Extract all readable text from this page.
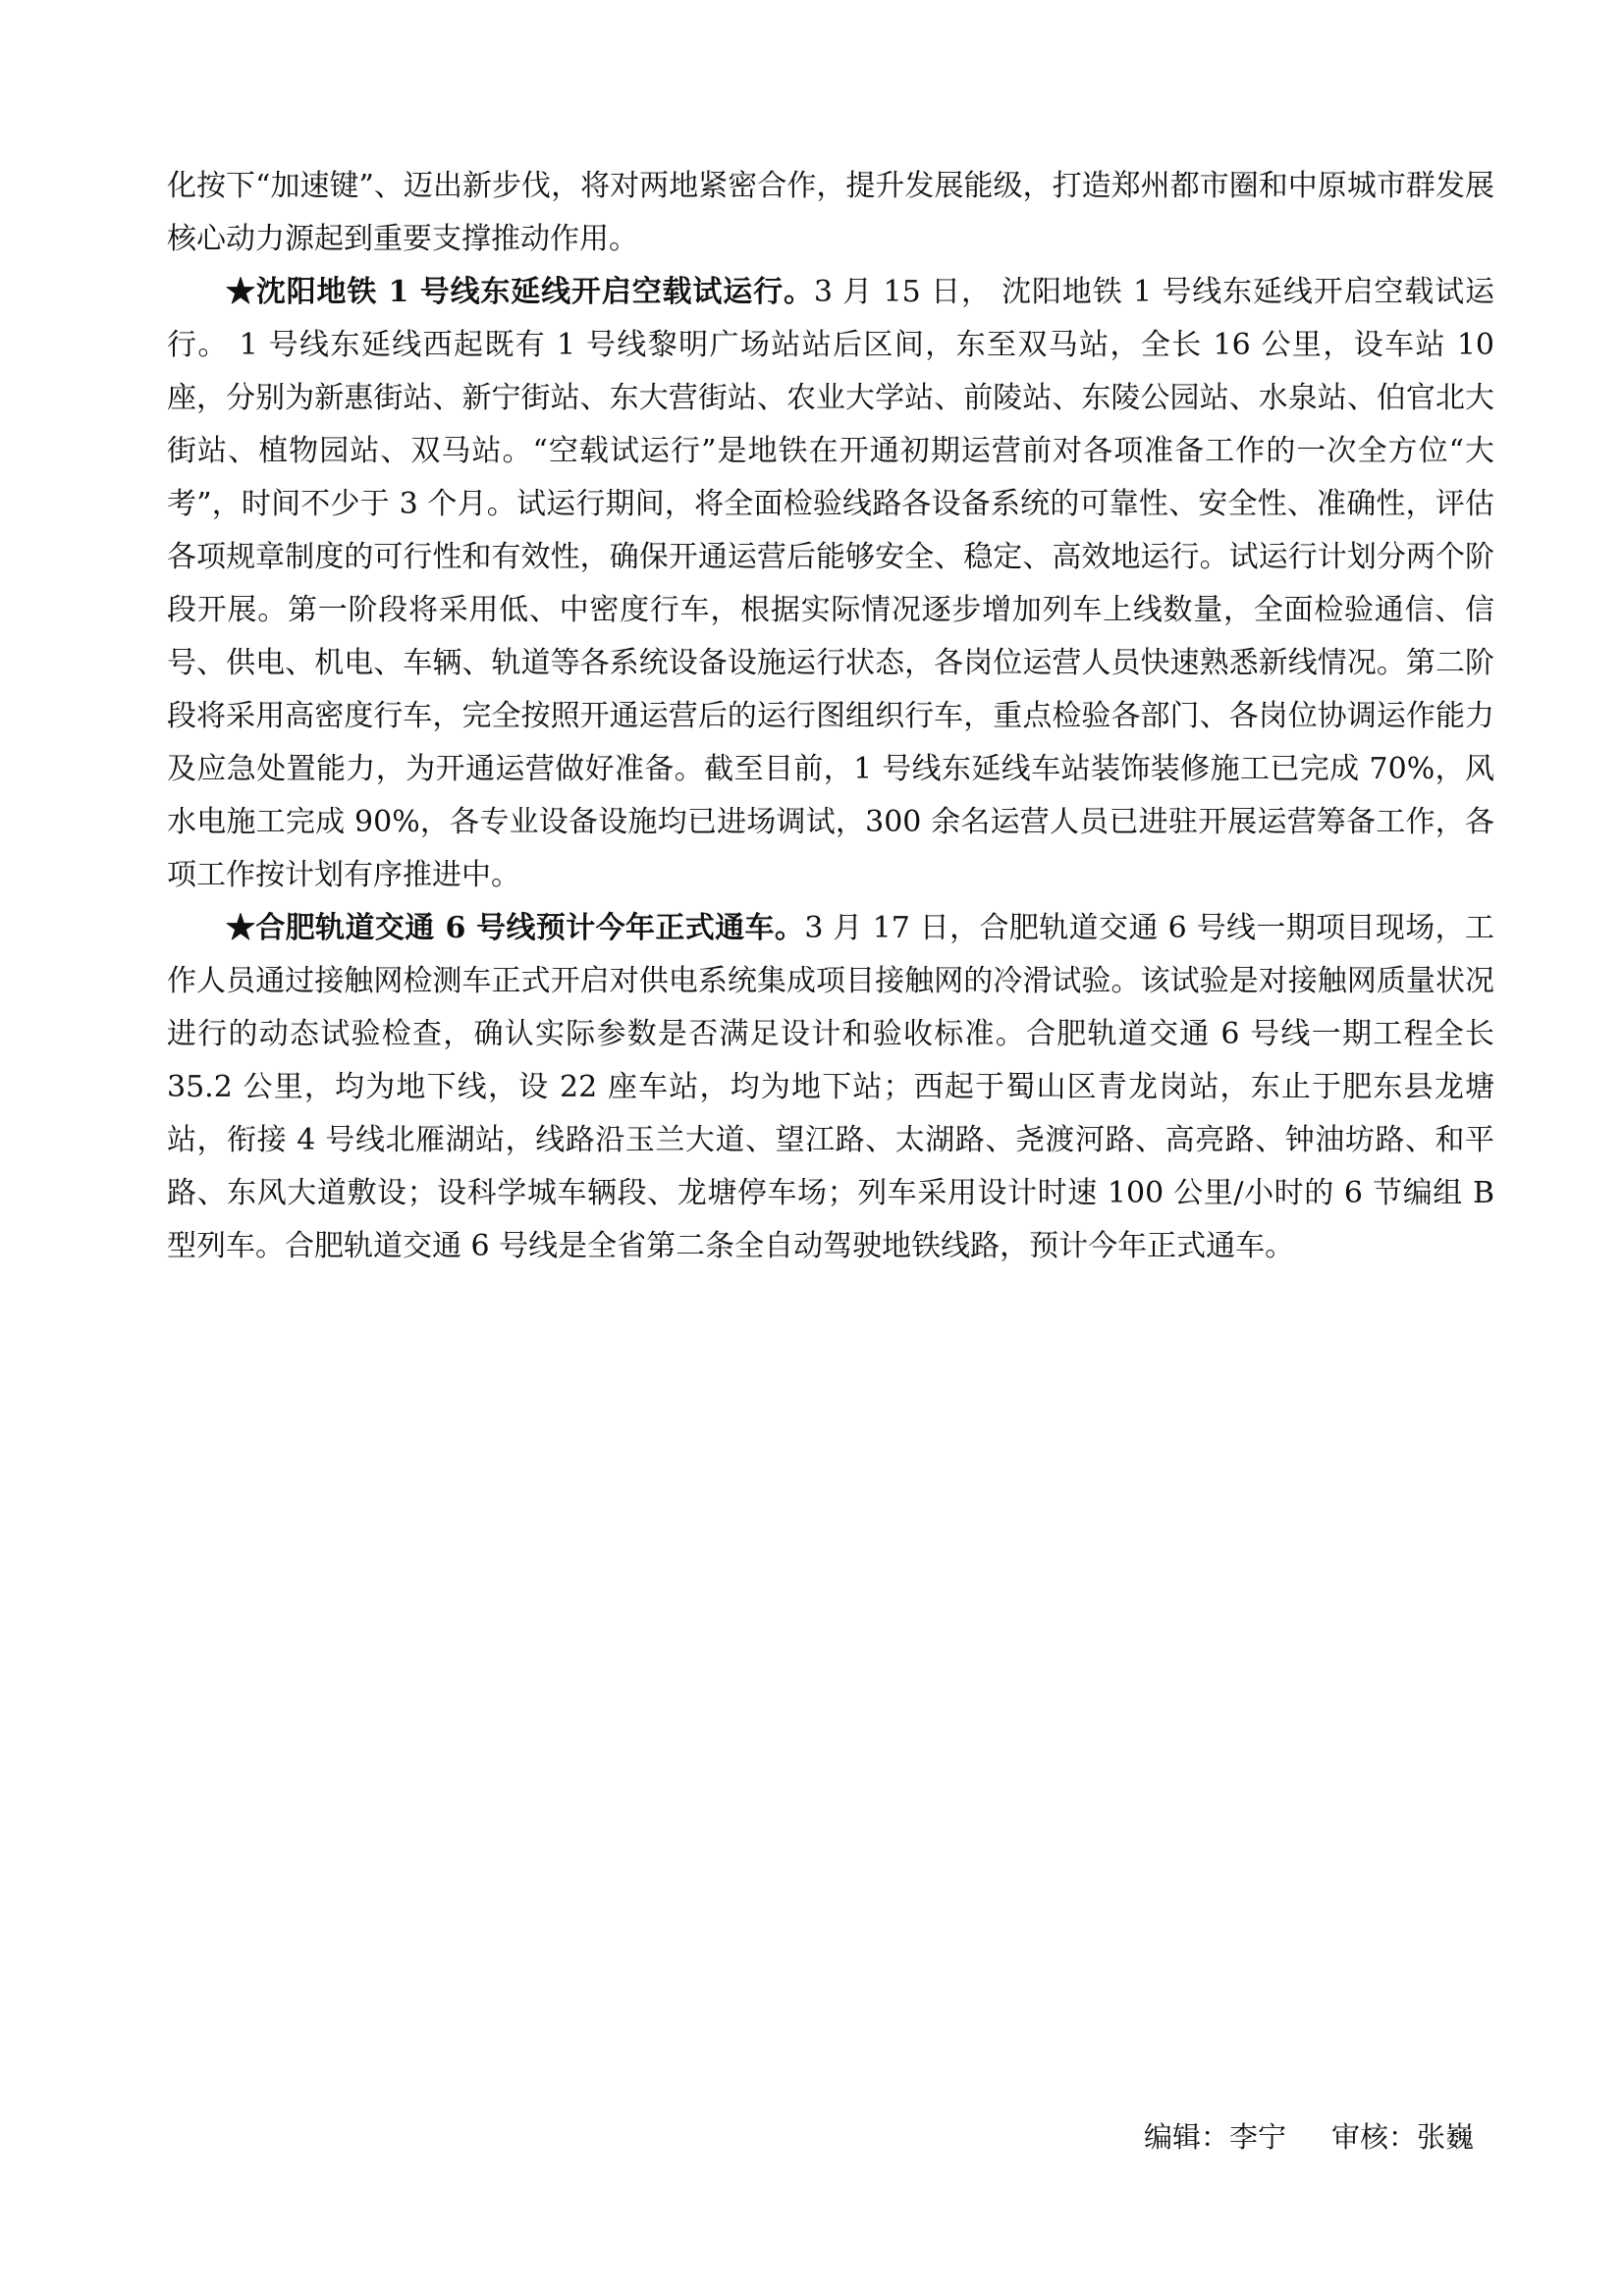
化按下“加速键”、迈出新步伐，将对两地紧密合作，提升发展能级，打造郑州都市圈和中原城市群发展核心动力源起到重要支撑推动作用。

★沈阳地铁 1 号线东延线开启空载试运行。3 月 15 日， 沈阳地铁 1 号线东延线开启空载试运行。 1 号线东延线西起既有 1 号线黎明广场站站后区间，东至双马站，全长 16 公里，设车站 10 座，分别为新惠街站、新宁街站、东大营街站、农业大学站、前陵站、东陵公园站、水泉站、伯官北大街站、植物园站、双马站。“空载试运行”是地铁在开通初期运营前对各项准备工作的一次全方位“大考”，时间不少于 3 个月。试运行期间，将全面检验线路各设备系统的可靠性、安全性、准确性，评估各项规章制度的可行性和有效性，确保开通运营后能够安全、稳定、高效地运行。试运行计划分两个阶段开展。第一阶段将采用低、中密度行车，根据实际情况逐步增加列车上线数量，全面检验通信、信号、供电、机电、车辆、轨道等各系统设备设施运行状态，各岗位运营人员快速熟悉新线情况。第二阶段将采用高密度行车，完全按照开通运营后的运行图组织行车，重点检验各部门、各岗位协调运作能力及应急处置能力，为开通运营做好准备。截至目前，1 号线东延线车站装饰装修施工已完成 70%，风水电施工完成 90%，各专业设备设施均已进场调试，300 余名运营人员已进驻开展运营筹备工作，各项工作按计划有序推进中。

★合肥轨道交通 6 号线预计今年正式通车。3 月 17 日，合肥轨道交通 6 号线一期项目现场，工作人员通过接触网检测车正式开启对供电系统集成项目接触网的冷滑试验。该试验是对接触网质量状况进行的动态试验检查，确认实际参数是否满足设计和验收标准。合肥轨道交通 6 号线一期工程全长 35.2 公里，均为地下线，设 22 座车站，均为地下站；西起于蜀山区青龙岗站，东止于肥东县龙塘站，衔接 4 号线北雁湖站，线路沿玉兰大道、望江路、太湖路、尧渡河路、高亮路、钟油坊路、和平路、东风大道敷设；设科学城车辆段、龙塘停车场；列车采用设计时速 100 公里/小时的 6 节编组 B 型列车。合肥轨道交通 6 号线是全省第二条全自动驾驶地铁线路，预计今年正式通车。

编辑：李宁 审核：张巍
